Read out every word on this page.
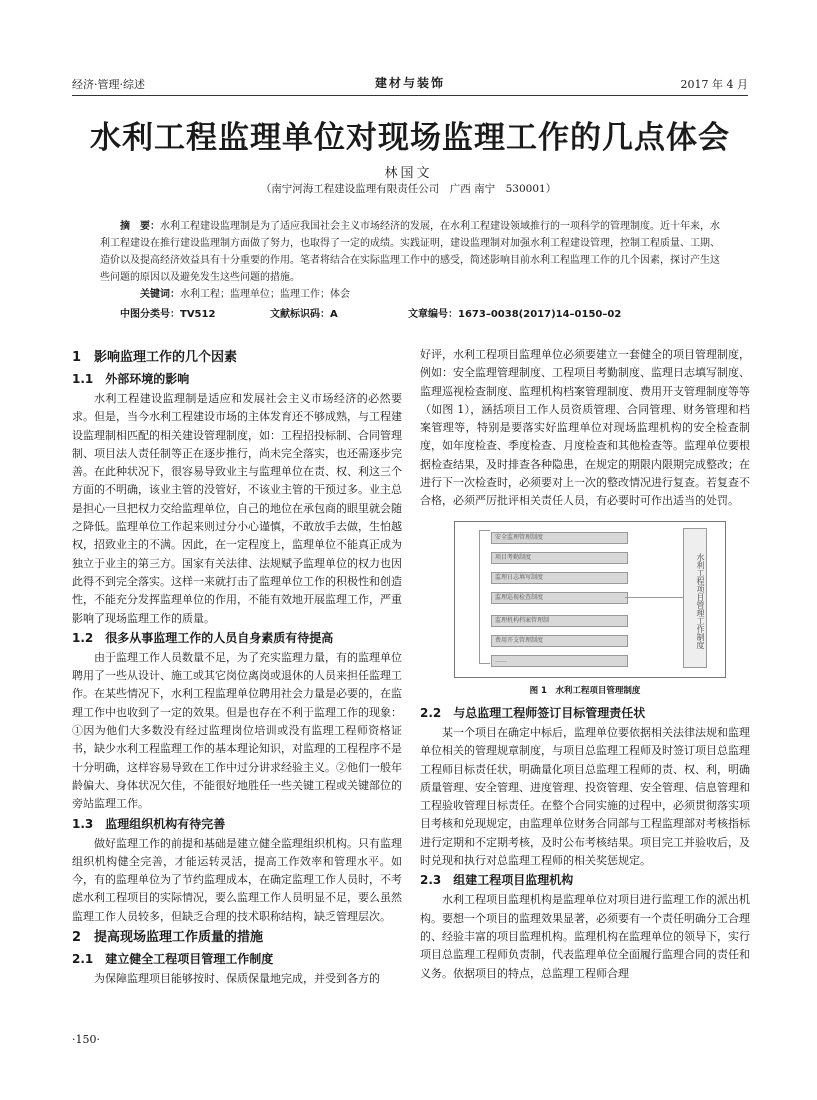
经济·管理·综述	建材与装饰	2017 年 4 月
水利工程监理单位对现场监理工作的几点体会
林国文
（南宁河海工程建设监理有限责任公司　广西 南宁　530001）

摘　要：水利工程建设监理制是为了适应我国社会主义市场经济的发展，在水利工程建设领域推行的一项科学的管理制度。近十年来，水利工程建设在推行建设监理制方面做了努力，也取得了一定的成绩。实践证明，建设监理制对加强水利工程建设管理，控制工程质量、工期、造价以及提高经济效益具有十分重要的作用。笔者将结合在实际监理工作中的感受，简述影响目前水利工程监理工作的几个因素，探讨产生这些问题的原因以及避免发生这些问题的措施。

关键词：水利工程；监理单位；监理工作；体会

中图分类号：TV512	文献标识码：A	文章编号：1673–0038(2017)14–0150–02
1　影响监理工作的几个因素
1.1　外部环境的影响

水利工程建设监理制是适应和发展社会主义市场经济的必然要求。但是，当今水利工程建设市场的主体发育还不够成熟，与工程建设监理制相匹配的相关建设管理制度，如：工程招投标制、合同管理制、项目法人责任制等正在逐步推行，尚未完全落实，也还需逐步完善。在此种状况下，很容易导致业主与监理单位在责、权、利这三个方面的不明确，该业主管的没管好，不该业主管的干预过多。业主总是担心一旦把权力交给监理单位，自己的地位在承包商的眼里就会随之降低。监理单位工作起来则过分小心谨慎，不敢放手去做，生怕越权，招致业主的不满。因此，在一定程度上，监理单位不能真正成为独立于业主的第三方。国家有关法律、法规赋予监理单位的权力也因此得不到完全落实。这样一来就打击了监理单位工作的积极性和创造性，不能充分发挥监理单位的作用，不能有效地开展监理工作，严重影响了现场监理工作的质量。

1.2　很多从事监理工作的人员自身素质有待提高

由于监理工作人员数量不足，为了充实监理力量，有的监理单位聘用了一些从设计、施工或其它岗位离岗或退休的人员来担任监理工作。在某些情况下，水利工程监理单位聘用社会力量是必要的，在监理工作中也收到了一定的效果。但是也存在不利于监理工作的现象：①因为他们大多数没有经过监理岗位培训或没有监理工程师资格证书，缺少水利工程监理工作的基本理论知识，对监理的工程程序不是十分明确，这样容易导致在工作中过分讲求经验主义。②他们一般年龄偏大、身体状况欠佳，不能很好地胜任一些关键工程或关键部位的旁站监理工作。

1.3　监理组织机构有待完善

做好监理工作的前提和基础是建立健全监理组织机构。只有监理组织机构健全完善，才能运转灵活，提高工作效率和管理水平。如今，有的监理单位为了节约监理成本，在确定监理工作人员时，不考虑水利工程项目的实际情况，要么监理工作人员明显不足，要么虽然监理工作人员较多，但缺乏合理的技术职称结构，缺乏管理层次。

2　提高现场监理工作质量的措施
2.1　建立健全工程项目管理工作制度

为保障监理项目能够按时、保质保量地完成，并受到各方的

好评，水利工程项目监理单位必须要建立一套健全的项目管理制度，例如：安全监理管理制度、工程项目考勤制度、监理日志填写制度、监理巡视检查制度、监理机构档案管理制度、费用开支管理制度等等（如图 1），涵括项目工作人员资质管理、合同管理、财务管理和档案管理等，特别是要落实好监理单位对现场监理机构的安全检查制度，如年度检查、季度检查、月度检查和其他检查等。监理单位要根据检查结果，及时排查各种隐患，在规定的期限内限期完成整改；在进行下一次检查时，必须要对上一次的整改情况进行复查。若复查不合格，必须严厉批评相关责任人员，有必要时可作出适当的处罚。

安全监理管理制度
项目考勤制度
监理日志填写制度
监理巡视检查制度
监理机构档案管理制
费用开支管理制度
……
水利工程项目管理工作制度
图 1　水利工程项目管理制度
2.2　与总监理工程师签订目标管理责任状

某一个项目在确定中标后，监理单位要依据相关法律法规和监理单位相关的管理规章制度，与项目总监理工程师及时签订项目总监理工程师目标责任状，明确量化项目总监理工程师的责、权、利，明确质量管理、安全管理、进度管理、投资管理、安全管理、信息管理和工程验收管理目标责任。在整个合同实施的过程中，必须贯彻落实项目考核和兑现规定，由监理单位财务合同部与工程监理部对考核指标进行定期和不定期考核，及时公布考核结果。项目完工并验收后，及时兑现和执行对总监理工程师的相关奖惩规定。

2.3　组建工程项目监理机构

水利工程项目监理机构是监理单位对项目进行监理工作的派出机构。要想一个项目的监理效果显著，必须要有一个责任明确分工合理的、经验丰富的项目监理机构。监理机构在监理单位的领导下，实行项目总监理工程师负责制，代表监理单位全面履行监理合同的责任和义务。依据项目的特点，总监理工程师合理

·150·
